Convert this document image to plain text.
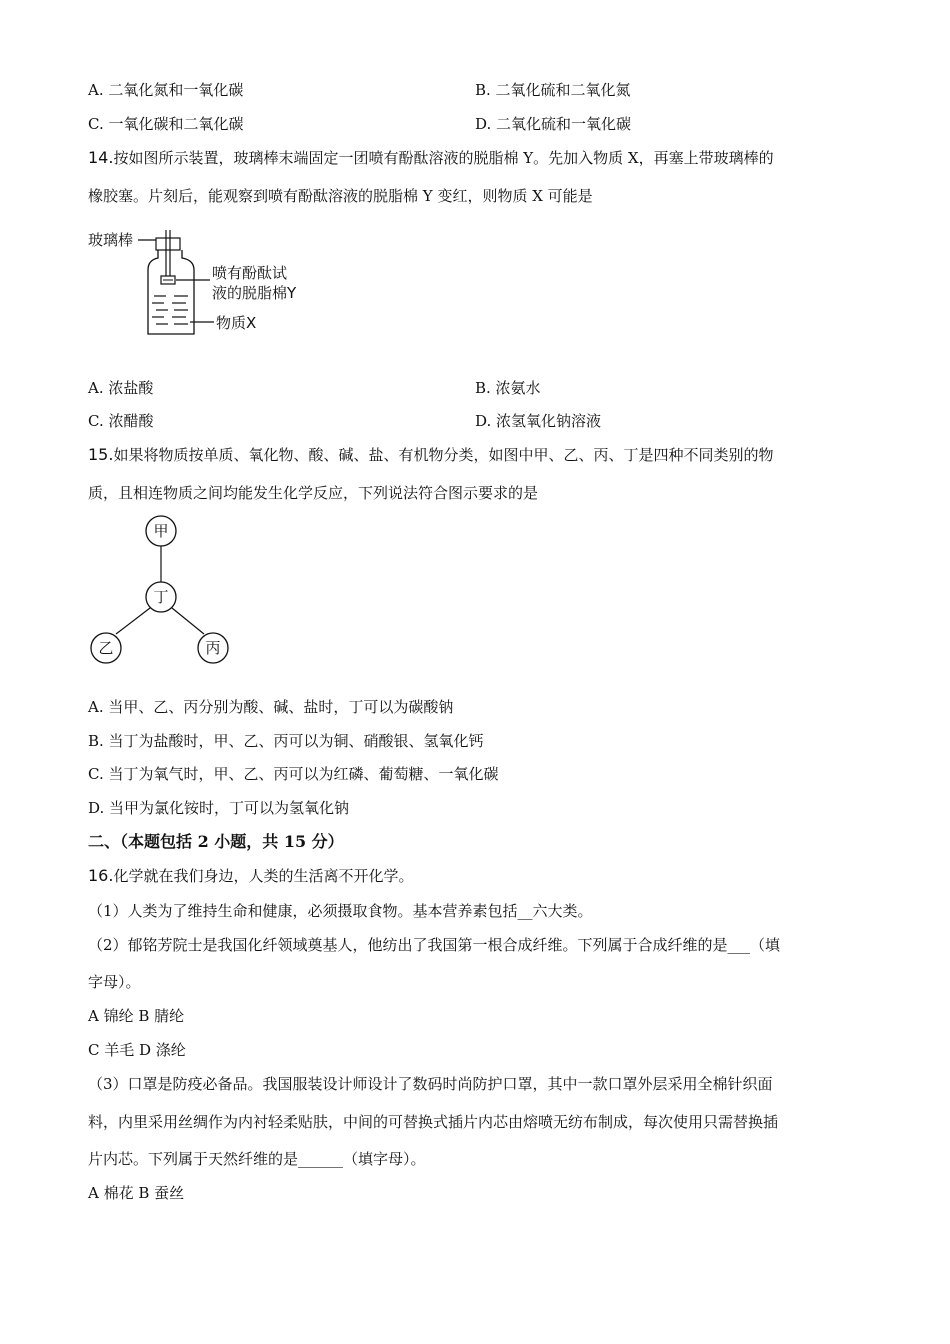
A. 二氧化氮和一氧化碳	B. 二氧化硫和二氧化氮
C. 一氧化碳和二氧化碳	D. 二氧化硫和一氧化碳
14.按如图所示装置，玻璃棒末端固定一团喷有酚酞溶液的脱脂棉 Y。先加入物质 X，再塞上带玻璃棒的
橡胶塞。片刻后，能观察到喷有酚酞溶液的脱脂棉 Y 变红，则物质 X 可能是
玻璃棒
喷有酚酞试
液的脱脂棉Y
物质X
A. 浓盐酸	B. 浓氨水
C. 浓醋酸	D. 浓氢氧化钠溶液
15.如果将物质按单质、氧化物、酸、碱、盐、有机物分类，如图中甲、乙、丙、丁是四种不同类别的物
质，且相连物质之间均能发生化学反应，下列说法符合图示要求的是
甲
丁
乙	丙
A. 当甲、乙、丙分别为酸、碱、盐时，丁可以为碳酸钠
B. 当丁为盐酸时，甲、乙、丙可以为铜、硝酸银、氢氧化钙
C. 当丁为氧气时，甲、乙、丙可以为红磷、葡萄糖、一氧化碳
D. 当甲为氯化铵时，丁可以为氢氧化钠
二、（本题包括 2 小题，共 15 分）
16.化学就在我们身边，人类的生活离不开化学。
（1）人类为了维持生命和健康，必须摄取食物。基本营养素包括__六大类。
（2）郁铭芳院士是我国化纤领域奠基人，他纺出了我国第一根合成纤维。下列属于合成纤维的是___（填
字母）。
A 锦纶 B 腈纶
C 羊毛 D 涤纶
（3）口罩是防疫必备品。我国服装设计师设计了数码时尚防护口罩，其中一款口罩外层采用全棉针织面
料，内里采用丝绸作为内衬轻柔贴肤，中间的可替换式插片内芯由熔喷无纺布制成，每次使用只需替换插
片内芯。下列属于天然纤维的是______（填字母）。
A 棉花 B 蚕丝
